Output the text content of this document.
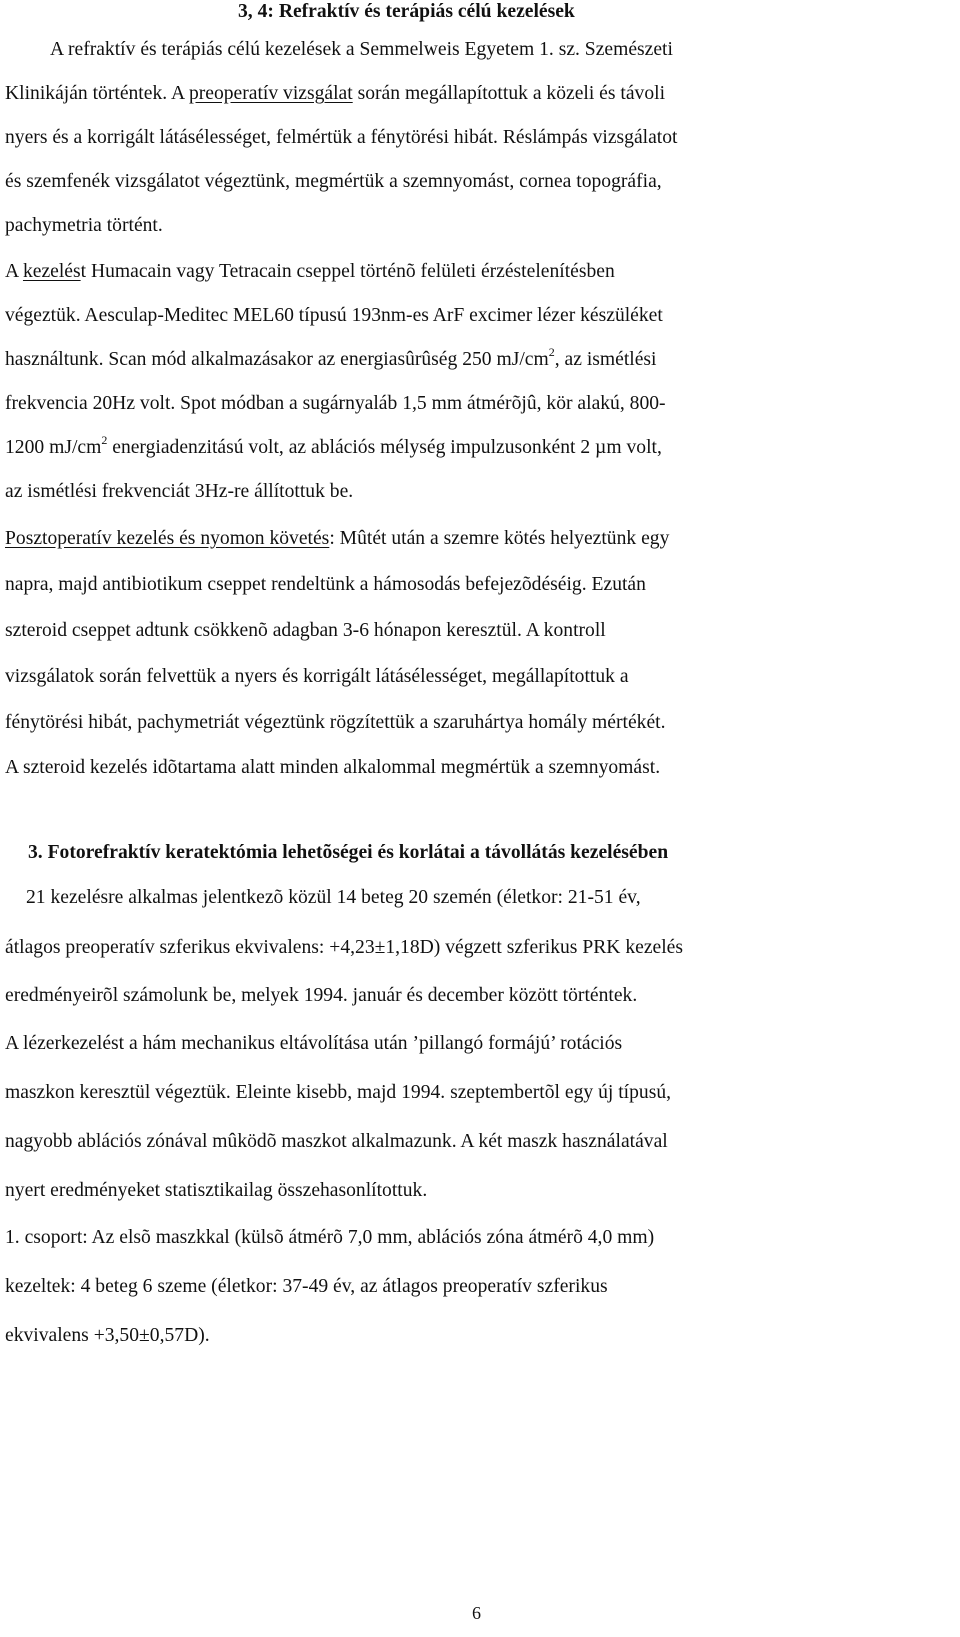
3, 4: Refraktív és terápiás célú kezelések
A refraktív és terápiás célú kezelések a Semmelweis Egyetem 1. sz. Szemészeti
Klinikáján történtek. A preoperatív vizsgálat során megállapítottuk a közeli és távoli
nyers és a korrigált látásélességet, felmértük a fénytörési hibát. Réslámpás vizsgálatot
és szemfenék vizsgálatot végeztünk, megmértük a szemnyomást, cornea topográfia,
pachymetria történt.
A kezelést Humacain vagy Tetracain cseppel történõ felületi érzéstelenítésben
végeztük. Aesculap-Meditec MEL60 típusú 193nm-es ArF excimer lézer készüléket
használtunk. Scan mód alkalmazásakor az energiasûrûség 250 $mJ/cm^2$, az ismétlési
frekvencia 20Hz volt. Spot módban a sugárnyaláb 1,5 mm átmérõjû, kör alakú, 800-
1200 $mJ/cm^2$ energiadenzitású volt, az ablációs mélység impulzusonként 2 µm volt,
az ismétlési frekvenciát 3Hz-re állítottuk be.
Posztoperatív kezelés és nyomon követés: Mûtét után a szemre kötés helyeztünk egy
napra, majd antibiotikum cseppet rendeltünk a hámosodás befejezõdéséig. Ezután
szteroid cseppet adtunk csökkenõ adagban 3-6 hónapon keresztül. A kontroll
vizsgálatok során felvettük a nyers és korrigált látásélességet, megállapítottuk a
fénytörési hibát, pachymetriát végeztünk rögzítettük a szaruhártya homály mértékét.
A szteroid kezelés idõtartama alatt minden alkalommal megmértük a szemnyomást.
3. Fotorefraktív keratektómia lehetõségei és korlátai a távollátás kezelésében
21 kezelésre alkalmas jelentkezõ közül 14 beteg 20 szemén (életkor: 21-51 év,
átlagos preoperatív szferikus ekvivalens: +4,23±1,18D) végzett szferikus PRK kezelés
eredményeirõl számolunk be, melyek 1994. január és december között történtek.
A lézerkezelést a hám mechanikus eltávolítása után ’pillangó formájú’ rotációs
maszkon keresztül végeztük. Eleinte kisebb, majd 1994. szeptembertõl egy új típusú,
nagyobb ablációs zónával mûködõ maszkot alkalmazunk. A két maszk használatával
nyert eredményeket statisztikailag összehasonlítottuk.
1. csoport: Az elsõ maszkkal (külsõ átmérõ 7,0 mm, ablációs zóna átmérõ 4,0 mm)
kezeltek: 4 beteg 6 szeme (életkor: 37-49 év, az átlagos preoperatív szferikus
ekvivalens +3,50±0,57D).
6
